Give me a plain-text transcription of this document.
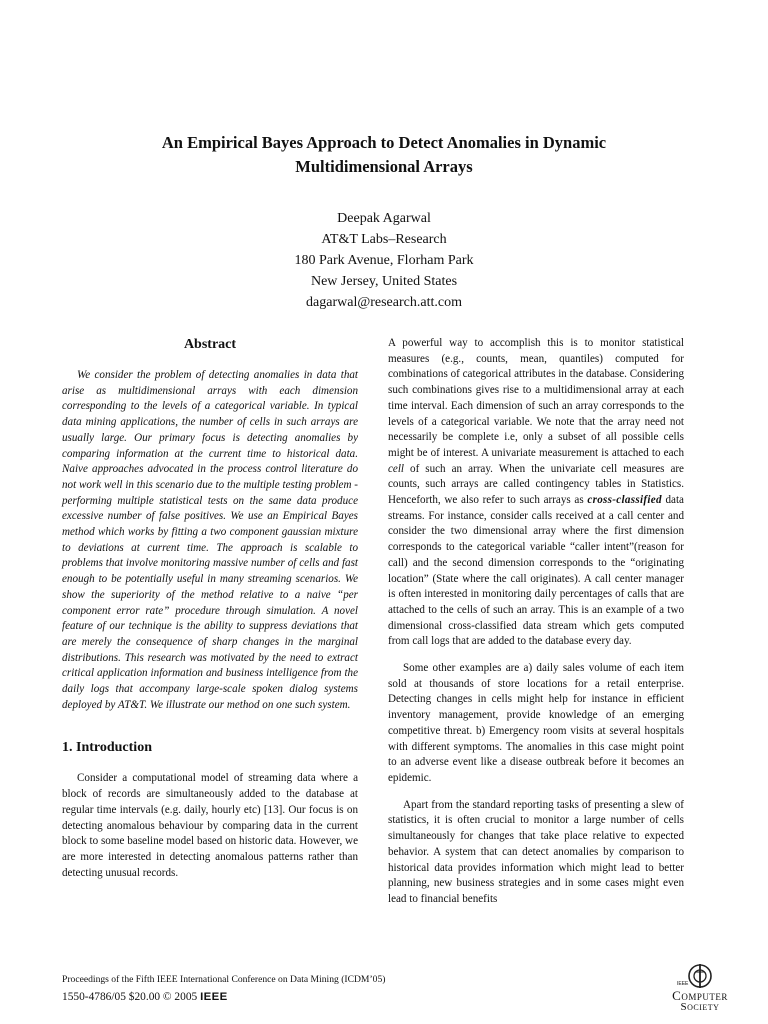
An Empirical Bayes Approach to Detect Anomalies in Dynamic
Multidimensional Arrays
Deepak Agarwal
AT&T Labs–Research
180 Park Avenue, Florham Park
New Jersey, United States
dagarwal@research.att.com
Abstract

We consider the problem of detecting anomalies in data that arise as multidimensional arrays with each dimension corresponding to the levels of a categorical variable. In typical data mining applications, the number of cells in such arrays are usually large. Our primary focus is detecting anomalies by comparing information at the current time to historical data. Naive approaches advocated in the process control literature do not work well in this scenario due to the multiple testing problem - performing multiple statistical tests on the same data produce excessive number of false positives. We use an Empirical Bayes method which works by fitting a two component gaussian mixture to deviations at current time. The approach is scalable to problems that involve monitoring massive number of cells and fast enough to be potentially useful in many streaming scenarios. We show the superiority of the method relative to a naive “per component error rate” procedure through simulation. A novel feature of our technique is the ability to suppress deviations that are merely the consequence of sharp changes in the marginal distributions. This research was motivated by the need to extract critical application information and business intelligence from the daily logs that accompany large-scale spoken dialog systems deployed by AT&T. We illustrate our method on one such system.

1. Introduction

Consider a computational model of streaming data where a block of records are simultaneously added to the database at regular time intervals (e.g. daily, hourly etc) [13]. Our focus is on detecting anomalous behaviour by comparing data in the current block to some baseline model based on historic data. However, we are more interested in detecting anomalous patterns rather than detecting unusual records.

A powerful way to accomplish this is to monitor statistical measures (e.g., counts, mean, quantiles) computed for combinations of categorical attributes in the database. Considering such combinations gives rise to a multidimensional array at each time interval. Each dimension of such an array corresponds to the levels of a categorical variable. We note that the array need not necessarily be complete i.e, only a subset of all possible cells might be of interest. A univariate measurement is attached to each cell of such an array. When the univariate cell measures are counts, such arrays are called contingency tables in Statistics. Henceforth, we also refer to such arrays as cross-classified data streams. For instance, consider calls received at a call center and consider the two dimensional array where the first dimension corresponds to the categorical variable “caller intent”(reason for call) and the second dimension corresponds to the “originating location” (State where the call originates). A call center manager is often interested in monitoring daily percentages of calls that are attached to the cells of such an array. This is an example of a two dimensional cross-classified data stream which gets computed from call logs that are added to the database every day.

Some other examples are a) daily sales volume of each item sold at thousands of store locations for a retail enterprise. Detecting changes in cells might help for instance in efficient inventory management, provide knowledge of an emerging competitive threat. b) Emergency room visits at several hospitals with different symptoms. The anomalies in this case might point to an adverse event like a disease outbreak before it becomes an epidemic.

Apart from the standard reporting tasks of presenting a slew of statistics, it is often crucial to monitor a large number of cells simultaneously for changes that take place relative to expected behavior. A system that can detect anomalies by comparison to historical data provides information which might lead to better planning, new business strategies and in some cases might even lead to financial benefits

Proceedings of the Fifth IEEE International Conference on Data Mining (ICDM’05)
1550-4786/05 $20.00 © 2005 IEEE
IEEE
Computer
Society
